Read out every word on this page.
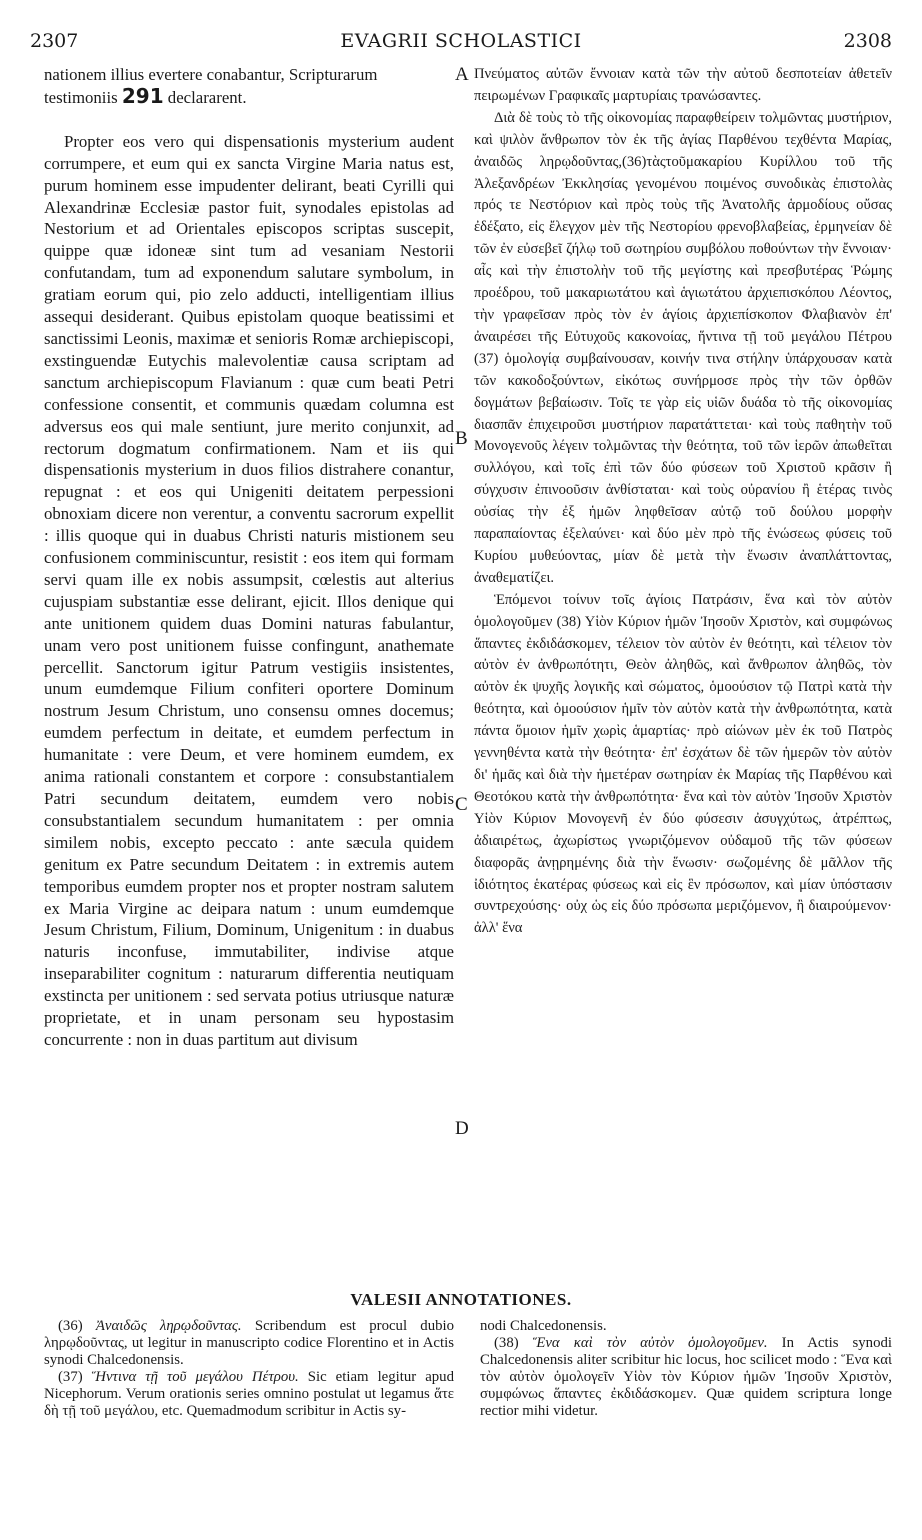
2307	EVAGRII SCHOLASTICI	2308

nationem illius evertere conabantur, Scripturarum
testimoniis 291 declararent.

Propter eos vero qui dispensationis mysterium audent corrumpere, et eum qui ex sancta Virgine Maria natus est, purum hominem esse impudenter delirant, beati Cyrilli qui Alexandrinæ Ecclesiæ pastor fuit, synodales epistolas ad Nestorium et ad Orientales episcopos scriptas suscepit, quippe quæ idoneæ sint tum ad vesaniam Nestorii confutandam, tum ad exponendum salutare symbolum, in gratiam eorum qui, pio zelo adducti, intelligentiam illius assequi desiderant. Quibus epistolam quoque beatissimi et sanctissimi Leonis, maximæ et senioris Romæ archiepiscopi, exstinguendæ Eutychis malevolentiæ causa scriptam ad sanctum archiepiscopum Flavianum : quæ cum beati Petri confessione consentit, et communis quædam columna est adversus eos qui male sentiunt, jure merito conjunxit, ad rectorum dogmatum confirmationem. Nam et iis qui dispensationis mysterium in duos filios distrahere conantur, repugnat : et eos qui Unigeniti deitatem perpessioni obnoxiam dicere non verentur, a conventu sacrorum expellit : illis quoque qui in duabus Christi naturis mistionem seu confusionem comminiscuntur, resistit : eos item qui formam servi quam ille ex nobis assumpsit, cœlestis aut alterius cujuspiam substantiæ esse delirant, ejicit. Illos denique qui ante unitionem quidem duas Domini naturas fabulantur, unam vero post unitionem fuisse confingunt, anathemate percellit. Sanctorum igitur Patrum vestigiis insistentes, unum eumdemque Filium confiteri oportere Dominum nostrum Jesum Christum, uno consensu omnes docemus; eumdem perfectum in deitate, et eumdem perfectum in humanitate : vere Deum, et vere hominem eumdem, ex anima rationali constantem et corpore : consubstantialem Patri secundum deitatem, eumdem vero nobis consubstantialem secundum humanitatem : per omnia similem nobis, excepto peccato : ante sæcula quidem genitum ex Patre secundum Deitatem : in extremis autem temporibus eumdem propter nos et propter nostram salutem ex Maria Virgine ac deipara natum : unum eumdemque Jesum Christum, Filium, Dominum, Unigenitum : in duabus naturis inconfuse, immutabiliter, indivise atque inseparabiliter cognitum : naturarum differentia neutiquam exstincta per unitionem : sed servata potius utriusque naturæ proprietate, et in unam personam seu hypostasim concurrente : non in duas partitum aut divisum

Πνεύματος αὐτῶν ἔννοιαν κατὰ τῶν τὴν αὐτοῦ δεσποτείαν ἀθετεῖν πειρωμένων Γραφικαῖς μαρτυρίαις τρανώσαντες.

Διὰ δὲ τοὺς τὸ τῆς οἰκονομίας παραφθείρειν τολμῶντας μυστήριον, καὶ ψιλὸν ἄνθρωπον τὸν ἐκ τῆς ἁγίας Παρθένου τεχθέντα Μαρίας, ἀναιδῶς ληρῳδοῦντας,(36)τὰςτοῦμακαρίου Κυρίλλου τοῦ τῆς Ἀλεξανδρέων Ἐκκλησίας γενομένου ποιμένος συνοδικὰς ἐπιστολὰς πρός τε Νεστόριον καὶ πρὸς τοὺς τῆς Ἀνατολῆς ἁρμοδίους οὔσας ἐδέξατο, εἰς ἔλεγχον μὲν τῆς Νεστορίου φρενοβλαβείας, ἑρμηνείαν δὲ τῶν ἐν εὐσεβεῖ ζήλῳ τοῦ σωτηρίου συμβόλου ποθούντων τὴν ἔννοιαν· αἷς καὶ τὴν ἐπιστολὴν τοῦ τῆς μεγίστης καὶ πρεσβυτέρας Ῥώμης προέδρου, τοῦ μακαριωτάτου καὶ ἁγιωτάτου ἀρχιεπισκόπου Λέοντος, τὴν γραφεῖσαν πρὸς τὸν ἐν ἁγίοις ἀρχιεπίσκοπον Φλαβιανὸν ἐπ' ἀναιρέσει τῆς Εὐτυχοῦς κακονοίας, ἥντινα τῇ τοῦ μεγάλου Πέτρου (37) ὁμολογίᾳ συμβαίνουσαν, κοινήν τινα στήλην ὑπάρχουσαν κατὰ τῶν κακοδοξούντων, εἰκότως συνήρμοσε πρὸς τὴν τῶν ὀρθῶν δογμάτων βεβαίωσιν. Τοῖς τε γὰρ εἰς υἱῶν δυάδα τὸ τῆς οἰκονομίας διασπᾶν ἐπιχειροῦσι μυστήριον παρατάττεται· καὶ τοὺς παθητὴν τοῦ Μονογενοῦς λέγειν τολμῶντας τὴν θεότητα, τοῦ τῶν ἱερῶν ἀπωθεῖται συλλόγου, καὶ τοῖς ἐπὶ τῶν δύο φύσεων τοῦ Χριστοῦ κρᾶσιν ἢ σύγχυσιν ἐπινοοῦσιν ἀνθίσταται· καὶ τοὺς οὐρανίου ἢ ἑτέρας τινὸς οὐσίας τὴν ἐξ ἡμῶν ληφθεῖσαν αὐτῷ τοῦ δούλου μορφὴν παραπαίοντας ἐξελαύνει· καὶ δύο μὲν πρὸ τῆς ἑνώσεως φύσεις τοῦ Κυρίου μυθεύοντας, μίαν δὲ μετὰ τὴν ἕνωσιν ἀναπλάττοντας, ἀναθεματίζει.

Ἑπόμενοι τοίνυν τοῖς ἁγίοις Πατράσιν, ἕνα καὶ τὸν αὐτὸν ὁμολογοῦμεν (38) Υἱὸν Κύριον ἡμῶν Ἰησοῦν Χριστὸν, καὶ συμφώνως ἅπαντες ἐκδιδάσκομεν, τέλειον τὸν αὐτὸν ἐν θεότητι, καὶ τέλειον τὸν αὐτὸν ἐν ἀνθρωπότητι, Θεὸν ἀληθῶς, καὶ ἄνθρωπον ἀληθῶς, τὸν αὐτὸν ἐκ ψυχῆς λογικῆς καὶ σώματος, ὁμοούσιον τῷ Πατρὶ κατὰ τὴν θεότητα, καὶ ὁμοούσιον ἡμῖν τὸν αὐτὸν κατὰ τὴν ἀνθρωπότητα, κατὰ πάντα ὅμοιον ἡμῖν χωρὶς ἁμαρτίας· πρὸ αἰώνων μὲν ἐκ τοῦ Πατρὸς γεννηθέντα κατὰ τὴν θεότητα· ἐπ' ἐσχάτων δὲ τῶν ἡμερῶν τὸν αὐτὸν δι' ἡμᾶς καὶ διὰ τὴν ἡμετέραν σωτηρίαν ἐκ Μαρίας τῆς Παρθένου καὶ Θεοτόκου κατὰ τὴν ἀνθρωπότητα· ἕνα καὶ τὸν αὐτὸν Ἰησοῦν Χριστὸν Υἱὸν Κύριον Μονογενῆ ἐν δύο φύσεσιν ἀσυγχύτως, ἀτρέπτως, ἀδιαιρέτως, ἀχωρίστως γνωριζόμενον οὐδαμοῦ τῆς τῶν φύσεων διαφορᾶς ἀνῃρημένης διὰ τὴν ἕνωσιν· σωζομένης δὲ μᾶλλον τῆς ἰδιότητος ἑκατέρας φύσεως καὶ εἰς ἓν πρόσωπον, καὶ μίαν ὑπόστασιν συντρεχούσης· οὐχ ὡς εἰς δύο πρόσωπα μεριζόμενον, ἢ διαιρούμενον· ἀλλ' ἕνα

A
B
C
D
VALESII ANNOTATIONES.

(36) Ἀναιδῶς ληρῳδοῦντας. Scribendum est procul dubio ληρῳδοῦντας, ut legitur in manuscripto codice Florentino et in Actis synodi Chalcedonensis.

(37) Ἥντινα τῇ τοῦ μεγάλου Πέτρου. Sic etiam legitur apud Nicephorum. Verum orationis series omnino postulat ut legamus ἅτε δὴ τῇ τοῦ μεγάλου, etc. Quemadmodum scribitur in Actis sy-

nodi Chalcedonensis.

(38) Ἕνα καὶ τὸν αὐτὸν ὁμολογοῦμεν. In Actis synodi Chalcedonensis aliter scribitur hic locus, hoc scilicet modo : Ἕνα καὶ τὸν αὐτὸν ὁμολογεῖν Υἱὸν τὸν Κύριον ἡμῶν Ἰησοῦν Χριστὸν, συμφώνως ἅπαντες ἐκδιδάσκομεν. Quæ quidem scriptura longe rectior mihi videtur.
